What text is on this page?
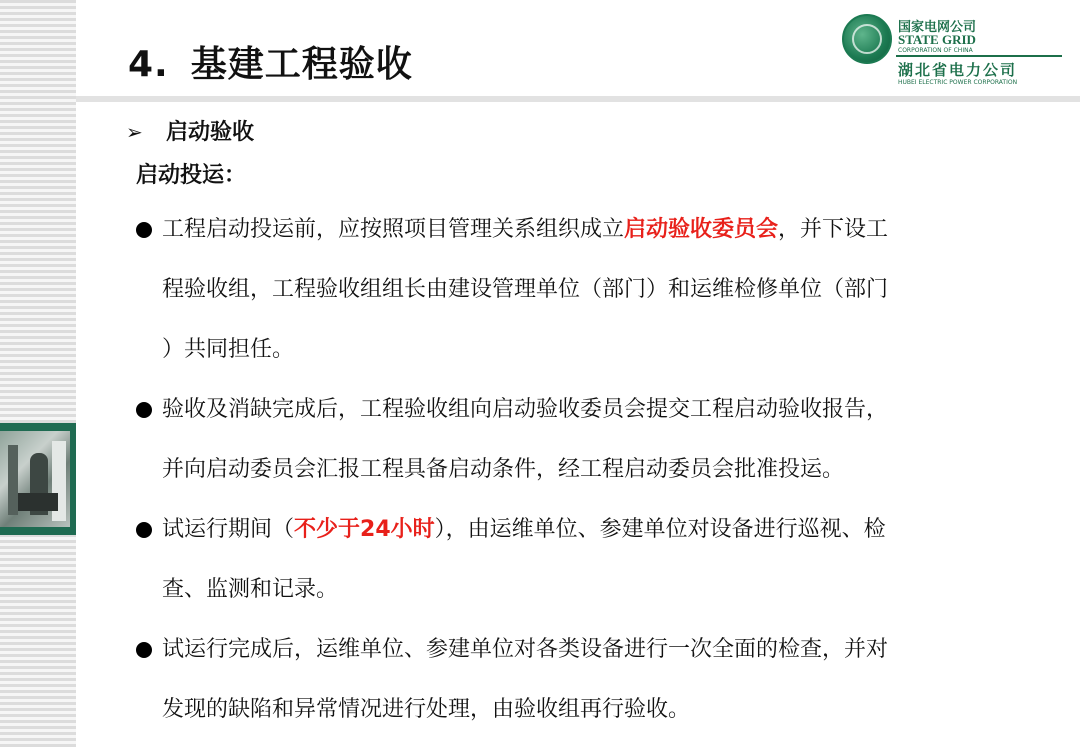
4. 基建工程验收
国家电网公司
STATE GRID
CORPORATION OF CHINA
湖北省电力公司
HUBEI ELECTRIC POWER CORPORATION
➢ 启动验收
启动投运：
工程启动投运前，应按照项目管理关系组织成立启动验收委员会，并下设工
程验收组，工程验收组组长由建设管理单位（部门）和运维检修单位（部门
）共同担任。
验收及消缺完成后，工程验收组向启动验收委员会提交工程启动验收报告，
并向启动委员会汇报工程具备启动条件，经工程启动委员会批准投运。
试运行期间（不少于24小时），由运维单位、参建单位对设备进行巡视、检
查、监测和记录。
试运行完成后，运维单位、参建单位对各类设备进行一次全面的检查，并对
发现的缺陷和异常情况进行处理，由验收组再行验收。
